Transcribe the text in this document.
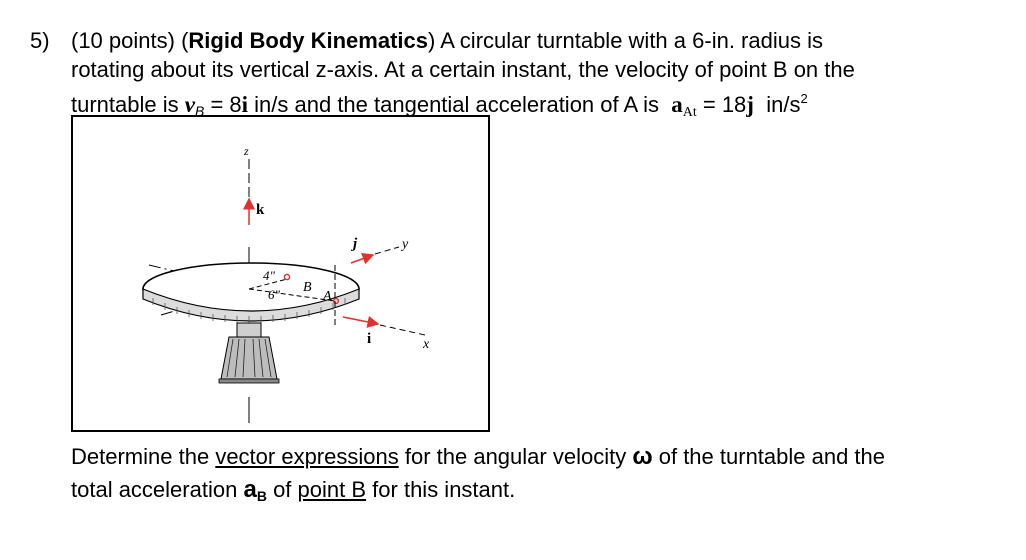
5) (10 points) (Rigid Body Kinematics) A circular turntable with a 6-in. radius is
rotating about its vertical z-axis. At a certain instant, the velocity of point B on the
turntable is $v_B = 8i$ in/s and the tangential acceleration of A is $a_{At} = 18j$ $in/s^2$
z
k
4"
6" B
A
j	y
i	x
Determine the vector expressions for the angular velocity ω of the turntable and the
total acceleration $a_B$ of point B for this instant.
